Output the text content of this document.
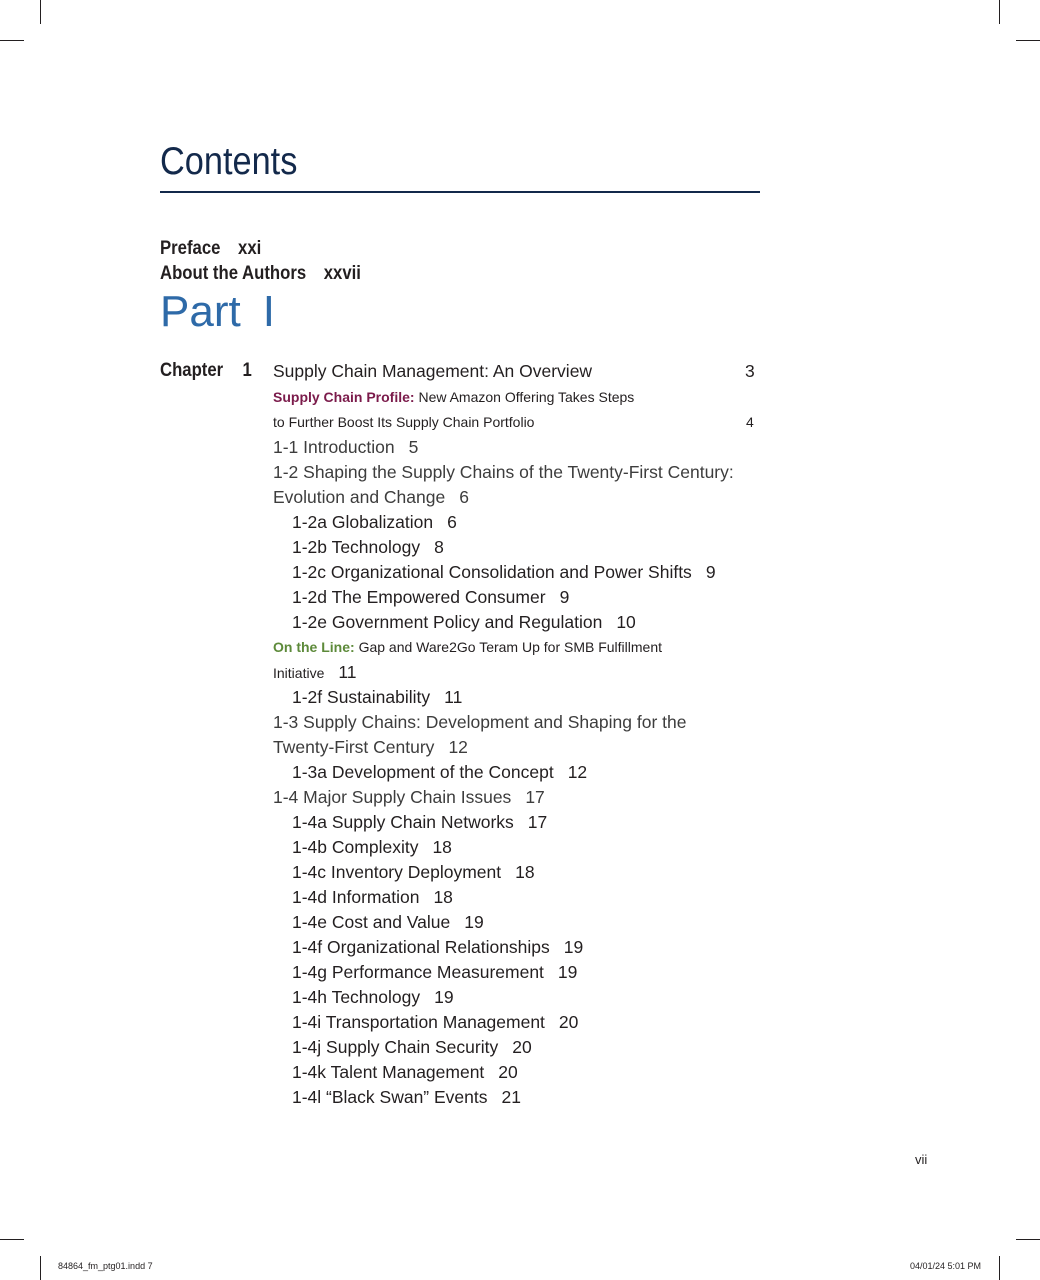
Contents
Preface xxi
About the Authors xxvii
Part I
Chapter 1 Supply Chain Management: An Overview	3
Supply Chain Profile: New Amazon Offering Takes Steps
to Further Boost Its Supply Chain Portfolio	4
1-1 Introduction 5
1-2 Shaping the Supply Chains of the Twenty-First Century:
Evolution and Change 6
1-2a Globalization 6
1-2b Technology 8
1-2c Organizational Consolidation and Power Shifts 9
1-2d The Empowered Consumer 9
1-2e Government Policy and Regulation 10
On the Line: Gap and Ware2Go Teram Up for SMB Fulfillment
Initiative 11
1-2f Sustainability 11
1-3 Supply Chains: Development and Shaping for the
Twenty-First Century 12
1-3a Development of the Concept 12
1-4 Major Supply Chain Issues 17
1-4a Supply Chain Networks 17
1-4b Complexity 18
1-4c Inventory Deployment 18
1-4d Information 18
1-4e Cost and Value 19
1-4f Organizational Relationships 19
1-4g Performance Measurement 19
1-4h Technology 19
1-4i Transportation Management 20
1-4j Supply Chain Security 20
1-4k Talent Management 20
1-4l “Black Swan” Events 21
vii
84864_fm_ptg01.indd 7	04/01/24 5:01 PM
